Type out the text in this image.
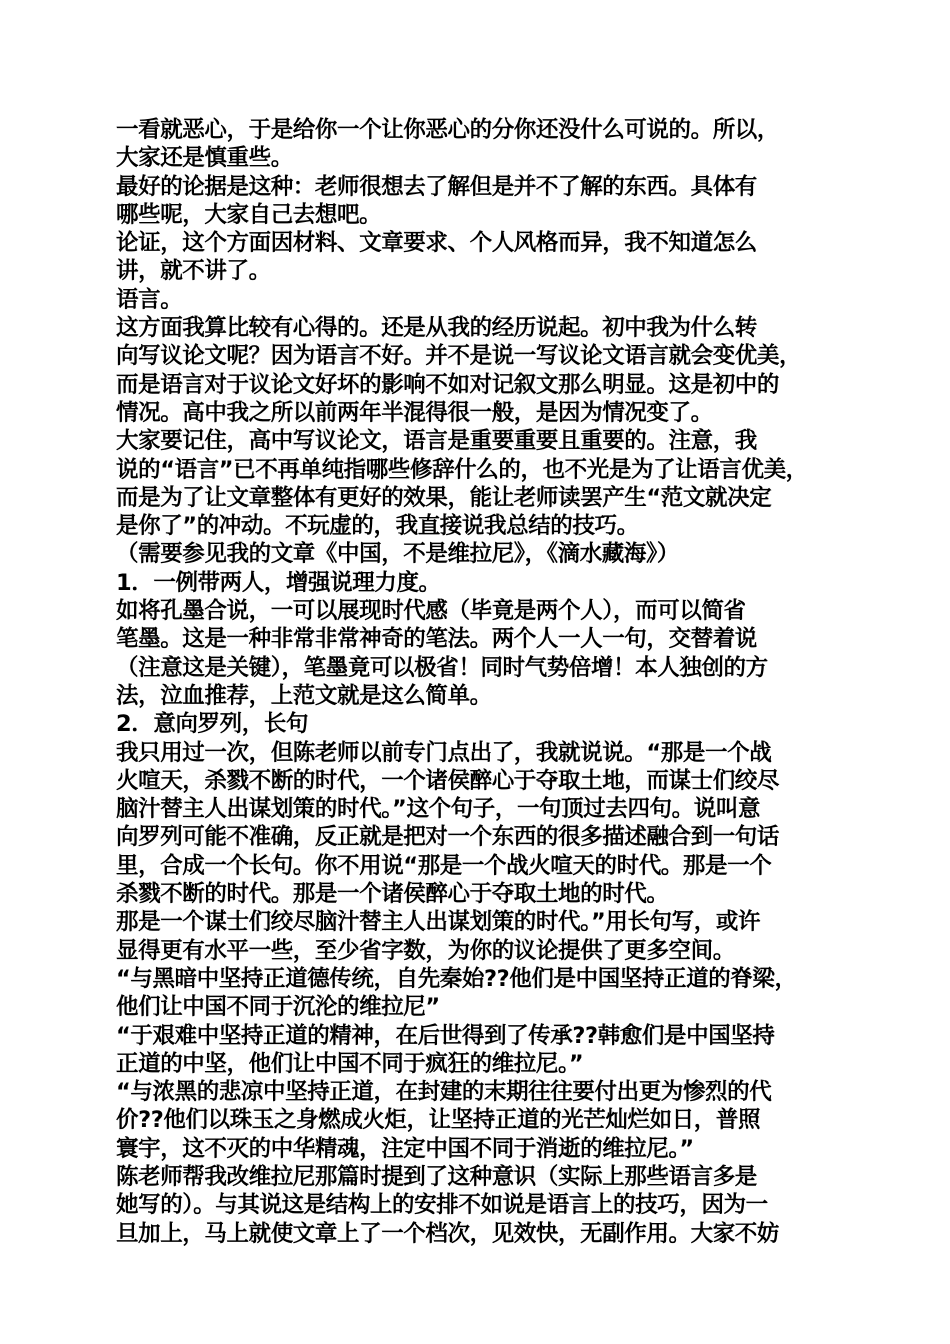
一看就恶心，于是给你一个让你恶心的分你还没什么可说的。所以，
大家还是慎重些。
最好的论据是这种：老师很想去了解但是并不了解的东西。具体有
哪些呢，大家自己去想吧。
论证，这个方面因材料、文章要求、个人风格而异，我不知道怎么
讲，就不讲了。
语言。
这方面我算比较有心得的。还是从我的经历说起。初中我为什么转
向写议论文呢？因为语言不好。并不是说一写议论文语言就会变优美，
而是语言对于议论文好坏的影响不如对记叙文那么明显。这是初中的
情况。高中我之所以前两年半混得很一般，是因为情况变了。
大家要记住，高中写议论文，语言是重要重要且重要的。注意，我
说的“语言”已不再单纯指哪些修辞什么的，也不光是为了让语言优美，
而是为了让文章整体有更好的效果，能让老师读罢产生“范文就决定
是你了”的冲动。不玩虚的，我直接说我总结的技巧。
（需要参见我的文章《中国，不是维拉尼》，《滴水藏海》）
1．一例带两人，增强说理力度。
如将孔墨合说，一可以展现时代感（毕竟是两个人），而可以简省
笔墨。这是一种非常非常神奇的笔法。两个人一人一句，交替着说
（注意这是关键），笔墨竟可以极省！同时气势倍增！本人独创的方
法，泣血推荐，上范文就是这么简单。
2．意向罗列，长句
我只用过一次，但陈老师以前专门点出了，我就说说。“那是一个战
火喧天，杀戮不断的时代，一个诸侯醉心于夺取土地，而谋士们绞尽
脑汁替主人出谋划策的时代。”这个句子，一句顶过去四句。说叫意
向罗列可能不准确，反正就是把对一个东西的很多描述融合到一句话
里，合成一个长句。你不用说“那是一个战火喧天的时代。那是一个
杀戮不断的时代。那是一个诸侯醉心于夺取土地的时代。
那是一个谋士们绞尽脑汁替主人出谋划策的时代。”用长句写，或许
显得更有水平一些，至少省字数，为你的议论提供了更多空间。
“与黑暗中坚持正道德传统，自先秦始??他们是中国坚持正道的脊梁，
他们让中国不同于沉沦的维拉尼”
“于艰难中坚持正道的精神，在后世得到了传承??韩愈们是中国坚持
正道的中坚，他们让中国不同于疯狂的维拉尼。”
“与浓黑的悲凉中坚持正道，在封建的末期往往要付出更为惨烈的代
价??他们以珠玉之身燃成火炬，让坚持正道的光芒灿烂如日，普照
寰宇，这不灭的中华精魂，注定中国不同于消逝的维拉尼。”
陈老师帮我改维拉尼那篇时提到了这种意识（实际上那些语言多是
她写的）。与其说这是结构上的安排不如说是语言上的技巧，因为一
旦加上，马上就使文章上了一个档次，见效快，无副作用。大家不妨
